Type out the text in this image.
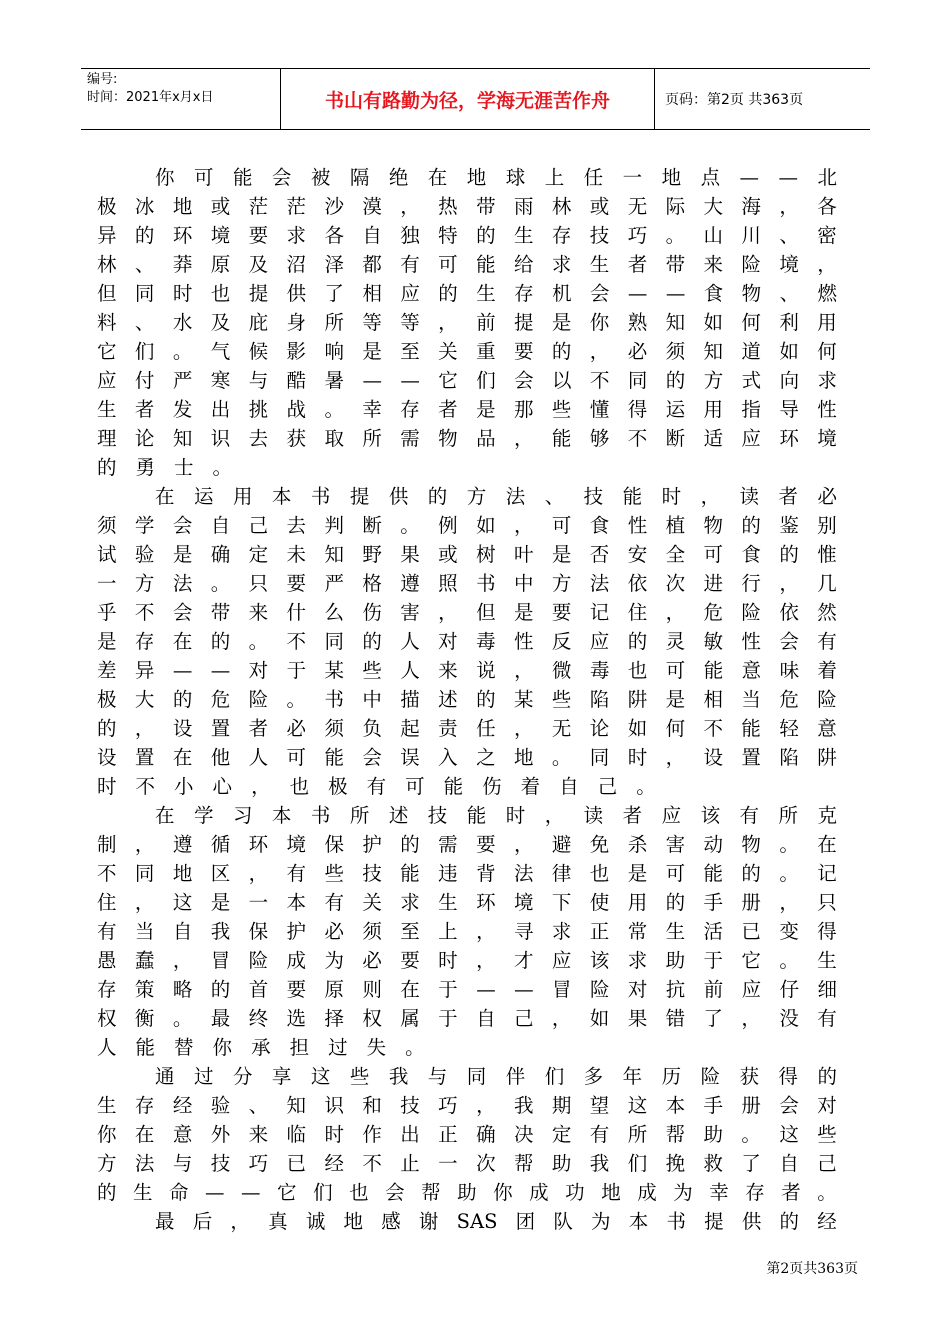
编号:
时间：2021年x月x日	书山有路勤为径，学海无涯苦作舟	页码：第2页 共363页
你 可 能 会 被 隔 绝 在 地 球 上 任 一 地 点 — — 北
极 冰 地 或 茫 茫 沙 漠 ， 热 带 雨 林 或 无 际 大 海 ， 各
异 的 环 境 要 求 各 自 独 特 的 生 存 技 巧 。 山 川 、 密
林 、 莽 原 及 沼 泽 都 有 可 能 给 求 生 者 带 来 险 境 ，
但 同 时 也 提 供 了 相 应 的 生 存 机 会 — — 食 物 、 燃
料 、 水 及 庇 身 所 等 等 ， 前 提 是 你 熟 知 如 何 利 用
它 们 。 气 候 影 响 是 至 关 重 要 的 ， 必 须 知 道 如 何
应 付 严 寒 与 酷 暑 — — 它 们 会 以 不 同 的 方 式 向 求
生 者 发 出 挑 战 。 幸 存 者 是 那 些 懂 得 运 用 指 导 性
理 论 知 识 去 获 取 所 需 物 品 ， 能 够 不 断 适 应 环 境
的 勇 士 。
在 运 用 本 书 提 供 的 方 法 、 技 能 时 ， 读 者 必
须 学 会 自 己 去 判 断 。 例 如 ， 可 食 性 植 物 的 鉴 别
试 验 是 确 定 未 知 野 果 或 树 叶 是 否 安 全 可 食 的 惟
一 方 法 。 只 要 严 格 遵 照 书 中 方 法 依 次 进 行 ， 几
乎 不 会 带 来 什 么 伤 害 ， 但 是 要 记 住 ， 危 险 依 然
是 存 在 的 。 不 同 的 人 对 毒 性 反 应 的 灵 敏 性 会 有
差 异 — — 对 于 某 些 人 来 说 ， 微 毒 也 可 能 意 味 着
极 大 的 危 险 。 书 中 描 述 的 某 些 陷 阱 是 相 当 危 险
的 ， 设 置 者 必 须 负 起 责 任 ， 无 论 如 何 不 能 轻 意
设 置 在 他 人 可 能 会 误 入 之 地 。 同 时 ， 设 置 陷 阱
时 不 小 心 ， 也 极 有 可 能 伤 着 自 己 。
在 学 习 本 书 所 述 技 能 时 ， 读 者 应 该 有 所 克
制 ， 遵 循 环 境 保 护 的 需 要 ， 避 免 杀 害 动 物 。 在
不 同 地 区 ， 有 些 技 能 违 背 法 律 也 是 可 能 的 。 记
住 ， 这 是 一 本 有 关 求 生 环 境 下 使 用 的 手 册 ， 只
有 当 自 我 保 护 必 须 至 上 ， 寻 求 正 常 生 活 已 变 得
愚 蠢 ， 冒 险 成 为 必 要 时 ， 才 应 该 求 助 于 它 。 生
存 策 略 的 首 要 原 则 在 于 — — 冒 险 对 抗 前 应 仔 细
权 衡 。 最 终 选 择 权 属 于 自 己 ， 如 果 错 了 ， 没 有
人 能 替 你 承 担 过 失 。
通 过 分 享 这 些 我 与 同 伴 们 多 年 历 险 获 得 的
生 存 经 验 、 知 识 和 技 巧 ， 我 期 望 这 本 手 册 会 对
你 在 意 外 来 临 时 作 出 正 确 决 定 有 所 帮 助 。 这 些
方 法 与 技 巧 已 经 不 止 一 次 帮 助 我 们 挽 救 了 自 己
的 生 命 — — 它 们 也 会 帮 助 你 成 功 地 成 为 幸 存 者 。
最 后 ， 真 诚 地 感 谢 SAS 团 队 为 本 书 提 供 的 经
第2页共363页
